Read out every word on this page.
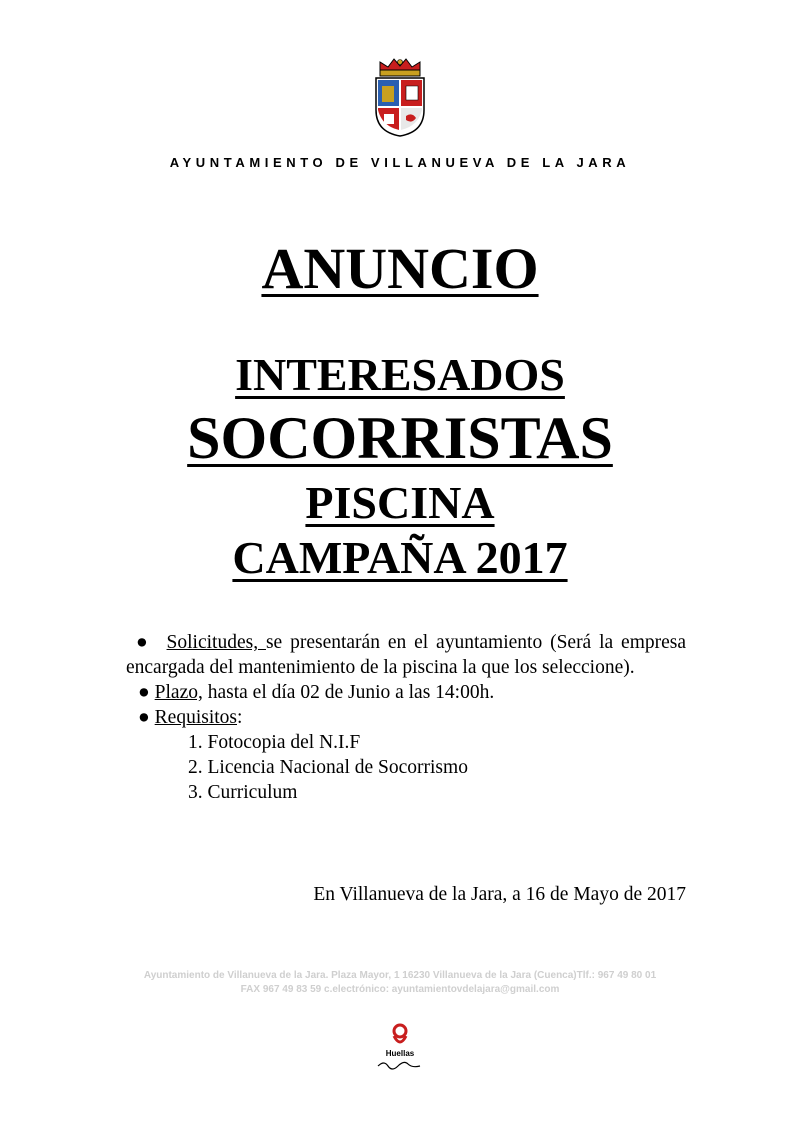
AYUNTAMIENTO DE VILLANUEVA DE LA JARA
ANUNCIO
INTERESADOS
SOCORRISTAS
PISCINA
CAMPAÑA 2017
● Solicitudes, se presentarán en el ayuntamiento (Será la empresa encargada del mantenimiento de la piscina la que los seleccione).
● Plazo, hasta el día 02 de Junio a las 14:00h.
● Requisitos:
1. Fotocopia del N.I.F
2. Licencia Nacional de Socorrismo
3. Curriculum
En Villanueva de la Jara, a 16 de Mayo de 2017
Ayuntamiento de Villanueva de la Jara. Plaza Mayor, 1 16230 Villanueva de la Jara (Cuenca)Tlf.: 967 49 80 01
FAX 967 49 83 59 c.electrónico: ayuntamientovdelajara@gmail.com
Huellas
